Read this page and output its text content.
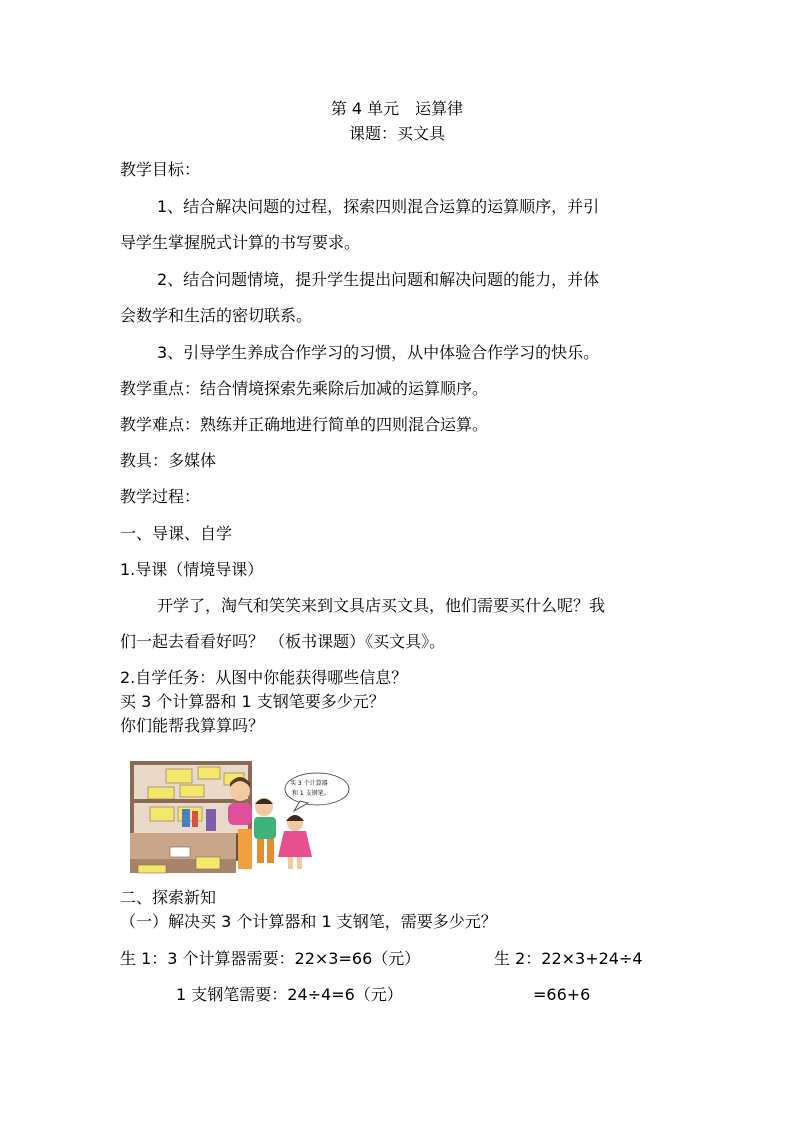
第 4 单元　运算律
课题：买文具
教学目标：
1、结合解决问题的过程，探索四则混合运算的运算顺序，并引
导学生掌握脱式计算的书写要求。
2、结合问题情境，提升学生提出问题和解决问题的能力，并体
会数学和生活的密切联系。
3、引导学生养成合作学习的习惯，从中体验合作学习的快乐。
教学重点：结合情境探索先乘除后加减的运算顺序。
教学难点：熟练并正确地进行简单的四则混合运算。
教具：多媒体
教学过程：
一、导课、自学
1.导课（情境导课）
开学了，淘气和笑笑来到文具店买文具，他们需要买什么呢？我
们一起去看看好吗？ （板书课题）《买文具》。
2.自学任务：从图中你能获得哪些信息？
买 3 个计算器和 1 支钢笔要多少元？
你们能帮我算算吗？
买 3 个计算器
和 1 支钢笔。
二、探索新知
（一）解决买 3 个计算器和 1 支钢笔，需要多少元？
生 1：3 个计算器需要：22×3=66（元）	生 2：22×3+24÷4
1 支钢笔需要：24÷4=6（元）	=66+6
